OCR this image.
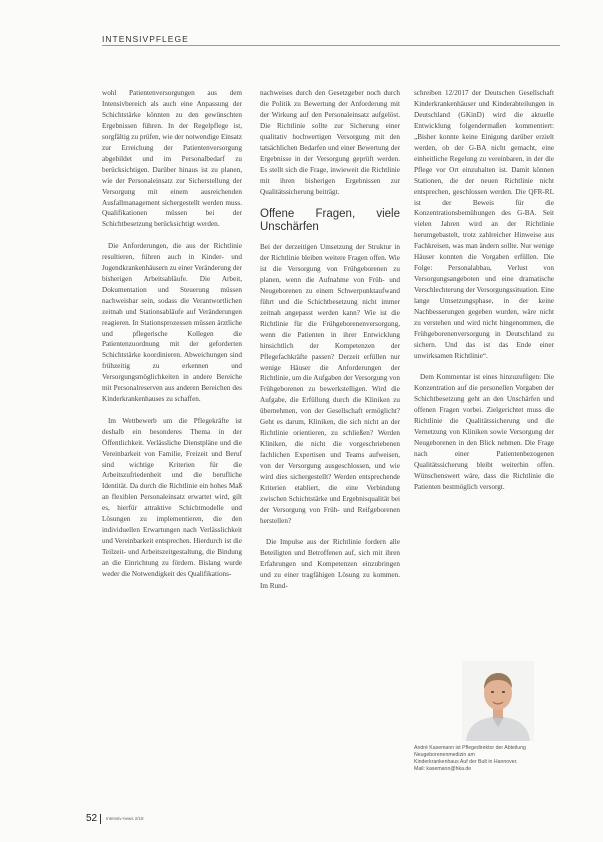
INTENSIVPFLEGE

wohl Patientenversorgungen aus dem Intensivbereich als auch eine Anpassung der Schichtstärke könnten zu den gewünschten Ergebnissen führen. In der Regelpflege ist, sorgfältig zu prüfen, wie der notwendige Einsatz zur Erreichung der Patientenversorgung abgebildet und im Personalbedarf zu berücksichtigen. Darüber hinaus ist zu planen, wie der Personaleinsatz zur Sicherstellung der Versorgung mit einem ausreichenden Ausfallmanagement sichergestellt werden muss. Qualifikationen müssen bei der Schichtbesetzung berücksichtigt werden.

Die Anforderungen, die aus der Richtlinie resultieren, führen auch in Kinder- und Jugendkrankenhäusern zu einer Veränderung der bisherigen Arbeitsabläufe. Die Arbeit, Dokumentation und Steuerung müssen nachweisbar sein, sodass die Verantwortlichen zeitnah und Stationsabläufe auf Veränderungen reagieren. In Stationsprozessen müssen ärztliche und pflegerische Kollegen die Patientenzuordnung mit der geforderten Schichtstärke koordinieren. Abweichungen sind frühzeitig zu erkennen und Versorgungsmöglichkeiten in andere Bereiche mit Personalreserven aus anderen Bereichen des Kinderkrankenhauses zu schaffen.

Im Wettbewerb um die Pflegekräfte ist deshalb ein besonderes Thema in der Öffentlichkeit. Verlässliche Dienstpläne und die Vereinbarkeit von Familie, Freizeit und Beruf sind wichtige Kriterien für die Arbeitszufriedenheit und die berufliche Identität. Da durch die Richtlinie ein hohes Maß an flexiblen Personaleinsatz erwartet wird, gilt es, hierfür attraktive Schichtmodelle und Lösungen zu implementieren, die den individuellen Erwartungen nach Verlässlichkeit und Vereinbarkeit entsprechen. Hierdurch ist die Teilzeit- und Arbeitszeitgestaltung, die Bindung an die Einrichtung zu fördern. Bislang wurde weder die Notwendigkeit des Qualifikations-

nachweises durch den Gesetzgeber noch durch die Politik zu Bewertung der Anforderung mit der Wirkung auf den Personaleinsatz aufgelöst. Die Richtlinie sollte zur Sicherung einer qualitativ hochwertigen Versorgung mit den tatsächlichen Bedarfen und einer Bewertung der Ergebnisse in der Versorgung geprüft werden. Es stellt sich die Frage, inwieweit die Richtlinie mit ihren bisherigen Ergebnissen zur Qualitätssicherung beiträgt.

Offene Fragen, viele Unschärfen

Bei der derzeitigen Umsetzung der Struktur in der Richtlinie bleiben weitere Fragen offen. Wie ist die Versorgung von Frühgeborenen zu planen, wenn die Aufnahme von Früh- und Neugeborenen zu einem Schwerpunktaufwand führt und die Schichtbesetzung nicht immer zeitnah angepasst werden kann? Wie ist die Richtlinie für die Frühgeborenenversorgung, wenn die Patienten in ihrer Entwicklung hinsichtlich der Kompetenzen der Pflegefachkräfte passen? Derzeit erfüllen nur wenige Häuser die Anforderungen der Richtlinie, um die Aufgaben der Versorgung von Frühgeborenen zu bewerkstelligen. Wird die Aufgabe, die Erfüllung durch die Kliniken zu übernehmen, von der Gesellschaft ermöglicht? Geht es darum, Kliniken, die sich nicht an der Richtlinie orientieren, zu schließen? Werden Kliniken, die nicht die vorgeschriebenen fachlichen Expertisen und Teams aufweisen, von der Versorgung ausgeschlossen, und wie wird dies sichergestellt? Werden entsprechende Kriterien etabliert, die eine Verbindung zwischen Schichtstärke und Ergebnisqualität bei der Versorgung von Früh- und Reifgeborenen herstellen?

Die Impulse aus der Richtlinie fordern alle Beteiligten und Betroffenen auf, sich mit ihren Erfahrungen und Kompetenzen einzubringen und zu einer tragfähigen Lösung zu kommen. Im Rund-

schreiben 12/2017 der Deutschen Gesellschaft Kinderkrankenhäuser und Kinderabteilungen in Deutschland (GKinD) wird die aktuelle Entwicklung folgendermaßen kommentiert: „Bisher konnte keine Einigung darüber erzielt werden, ob der G-BA nicht gemacht, eine einheitliche Regelung zu vereinbaren, in der die Pflege vor Ort einzuhalten ist. Damit können Stationen, die der neuen Richtlinie nicht entsprechen, geschlossen werden. Die QFR-RL ist der Beweis für die Konzentrationsbemühungen des G-BA. Seit vielen Jahren wird an der Richtlinie herumgebastelt, trotz zahlreicher Hinweise aus Fachkreisen, was man ändern sollte. Nur wenige Häuser konnten die Vorgaben erfüllen. Die Folge: Personalabbau, Verlust von Versorgungsangeboten und eine dramatische Verschlechterung der Versorgungssituation. Eine lange Umsetzungsphase, in der keine Nachbesserungen gegeben wurden, wäre nicht zu verstehen und wird nicht hingenommen, die Frühgeborenenversorgung in Deutschland zu sichern. Und das ist das Ende einer unwirksamen Richtlinie“.

Dem Kommentar ist eines hinzuzufügen: Die Konzentration auf die personellen Vorgaben der Schichtbesetzung geht an den Unschärfen und offenen Fragen vorbei. Zielgerichtet muss die Richtlinie die Qualitätssicherung und die Vernetzung von Kliniken sowie Versorgung der Neugeborenen in den Blick nehmen. Die Frage nach einer Patientenbezogenen Qualitätssicherung bleibt weiterhin offen. Wünschenswert wäre, dass die Richtlinie die Patienten bestmöglich versorgt.

André Kasemann ist Pflegedirektor der Abteilung Neugeborenenmedizin am
Kinderkrankenhaus Auf der Bult in Hannover.
Mail: kasemann@hka.de
52 Intensiv-news 2/18
